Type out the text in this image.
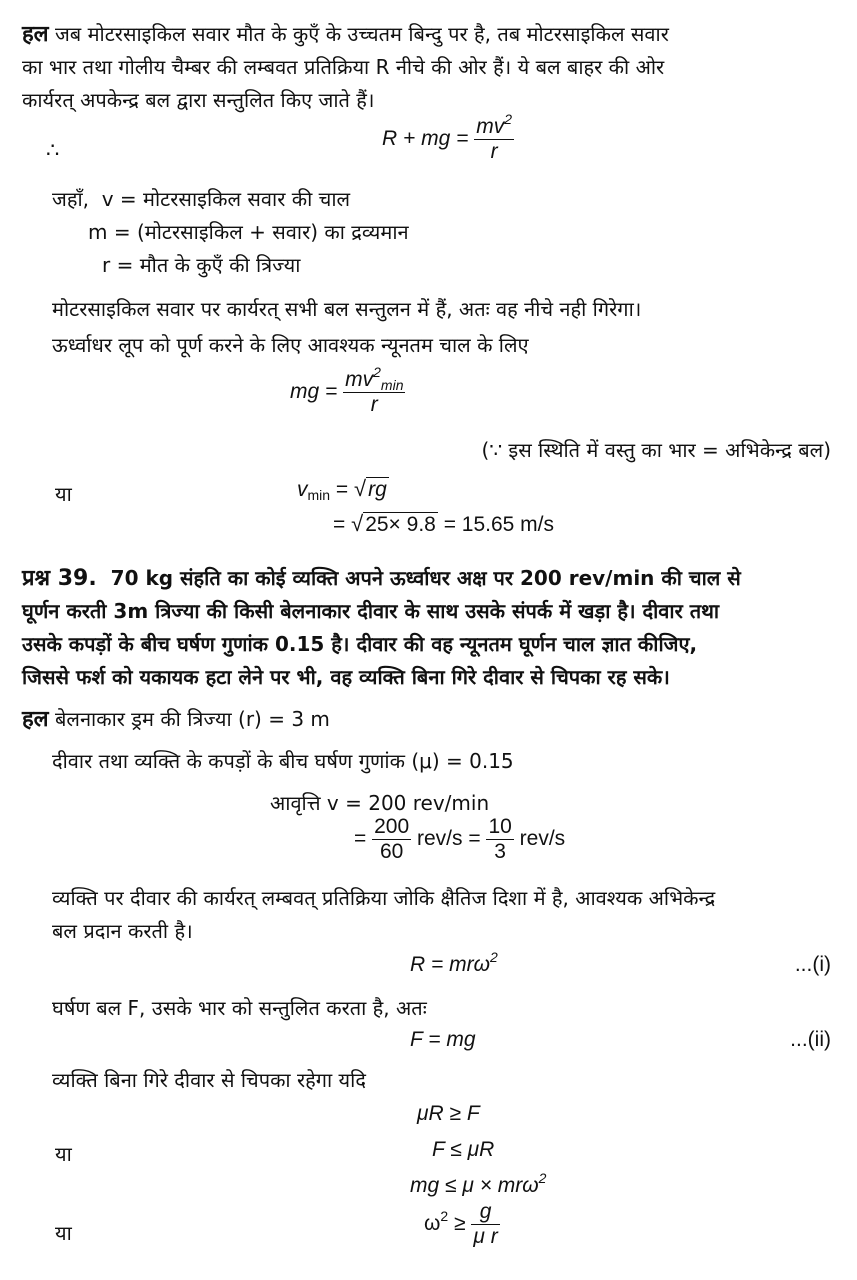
हल जब मोटरसाइकिल सवार मौत के कुएँ के उच्चतम बिन्दु पर है, तब मोटरसाइकिल सवार
का भार तथा गोलीय चैम्बर की लम्बवत प्रतिक्रिया R नीचे की ओर हैं। ये बल बाहर की ओर
कार्यरत् अपकेन्द्र बल द्वारा सन्तुलित किए जाते हैं।
∴
R + mg = $\frac{mv^2}{r}$
जहाँ, v = मोटरसाइकिल सवार की चाल
m = (मोटरसाइकिल + सवार) का द्रव्यमान
r = मौत के कुएँ की त्रिज्या
मोटरसाइकिल सवार पर कार्यरत् सभी बल सन्तुलन में हैं, अतः वह नीचे नही गिरेगा।
ऊर्ध्वाधर लूप को पूर्ण करने के लिए आवश्यक न्यूनतम चाल के लिए
mg = $\frac{mv^2_{min}}{r}$
(∵ इस स्थिति में वस्तु का भार = अभिकेन्द्र बल)
या	$v_{min} = √rg$
= √25× 9.8 = 15.65 m/s
प्रश्न 39. 70 kg संहति का कोई व्यक्ति अपने ऊर्ध्वाधर अक्ष पर 200 rev/min की चाल से
घूर्णन करती 3m त्रिज्या की किसी बेलनाकार दीवार के साथ उसके संपर्क में खड़ा है। दीवार तथा
उसके कपड़ों के बीच घर्षण गुणांक 0.15 है। दीवार की वह न्यूनतम घूर्णन चाल ज्ञात कीजिए,
जिससे फर्श को यकायक हटा लेने पर भी, वह व्यक्ति बिना गिरे दीवार से चिपका रह सके।
हल बेलनाकार ड्रम की त्रिज्या (r) = 3 m
दीवार तथा व्यक्ति के कपड़ों के बीच घर्षण गुणांक (μ) = 0.15
आवृत्ति v = 200 rev/min
= $\frac{200}{60} rev/s = \frac{10}{3} rev/s$
व्यक्ति पर दीवार की कार्यरत् लम्बवत् प्रतिक्रिया जोकि क्षैतिज दिशा में है, आवश्यक अभिकेन्द्र
बल प्रदान करती है।
R = mrω$^2$	...(i)
घर्षण बल F, उसके भार को सन्तुलित करता है, अतः
F = mg	...(ii)
व्यक्ति बिना गिरे दीवार से चिपका रहेगा यदि
μR ≥ F
या	F ≤ μR
mg ≤ μ × mrω$^2$
या	$\omega^2 \ge \frac{g}{\text{μ r}}$
